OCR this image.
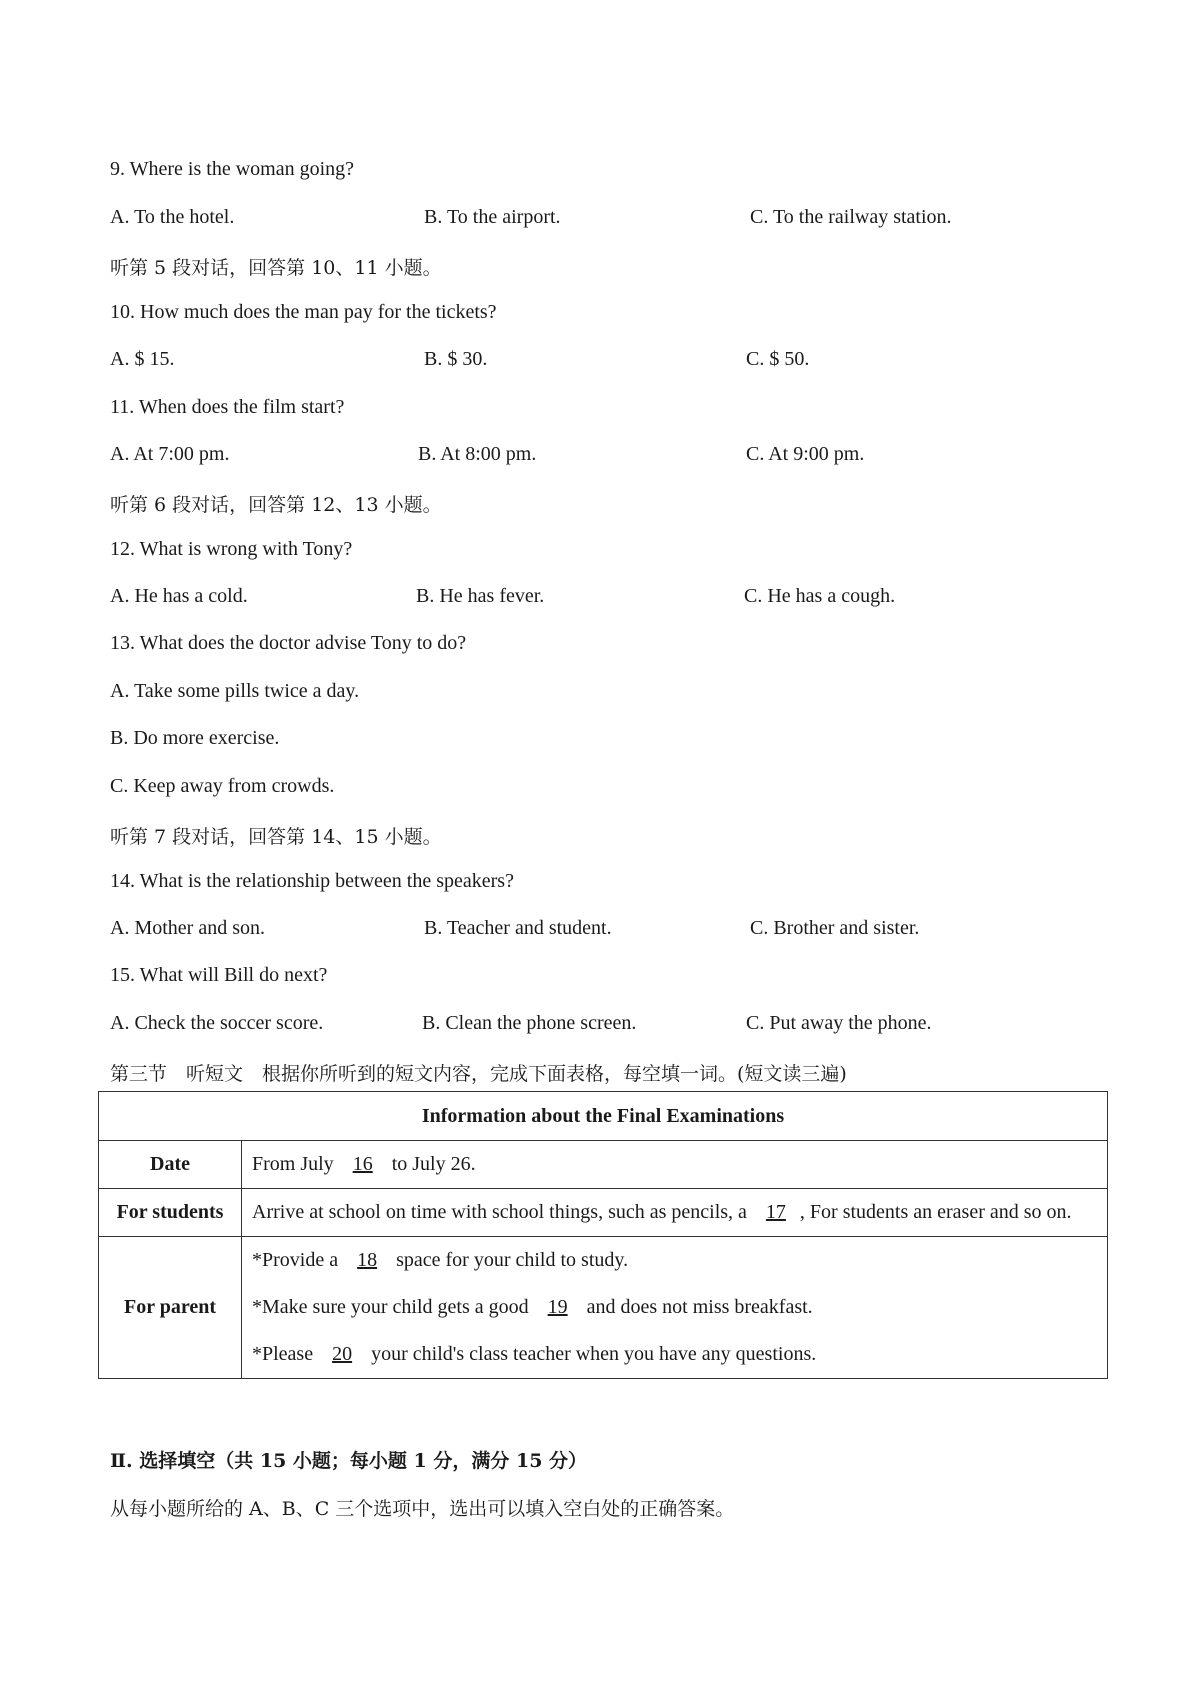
9. Where is the woman going?
A. To the hotel.	B. To the airport.	C. To the railway station.
听第 5 段对话，回答第 10、11 小题。
10. How much does the man pay for the tickets?
A. $ 15.	B. $ 30.	C. $ 50.
11. When does the film start?
A. At 7:00 pm.	B. At 8:00 pm.	C. At 9:00 pm.
听第 6 段对话，回答第 12、13 小题。
12. What is wrong with Tony?
A. He has a cold.	B. He has fever.	C. He has a cough.
13. What does the doctor advise Tony to do?
A. Take some pills twice a day.
B. Do more exercise.
C. Keep away from crowds.
听第 7 段对话，回答第 14、15 小题。
14. What is the relationship between the speakers?
A. Mother and son.	B. Teacher and student.	C. Brother and sister.
15. What will Bill do next?
A. Check the soccer score.	B. Clean the phone screen.	C. Put away the phone.
第三节　听短文　根据你所听到的短文内容，完成下面表格，每空填一词。(短文读三遍)
Information about the Final Examinations	
Date	From July 16 to July 26.
For students	Arrive at school on time with school things, such as pencils, a 17 , For students an eraser and so on.
For parent	*Provide a 18 space for your child to study.
*Make sure your child gets a good 19 and does not miss breakfast.
*Please 20 your child's class teacher when you have any questions.
Ⅱ. 选择填空（共 15 小题；每小题 1 分，满分 15 分）
从每小题所给的 A、B、C 三个选项中，选出可以填入空白处的正确答案。
